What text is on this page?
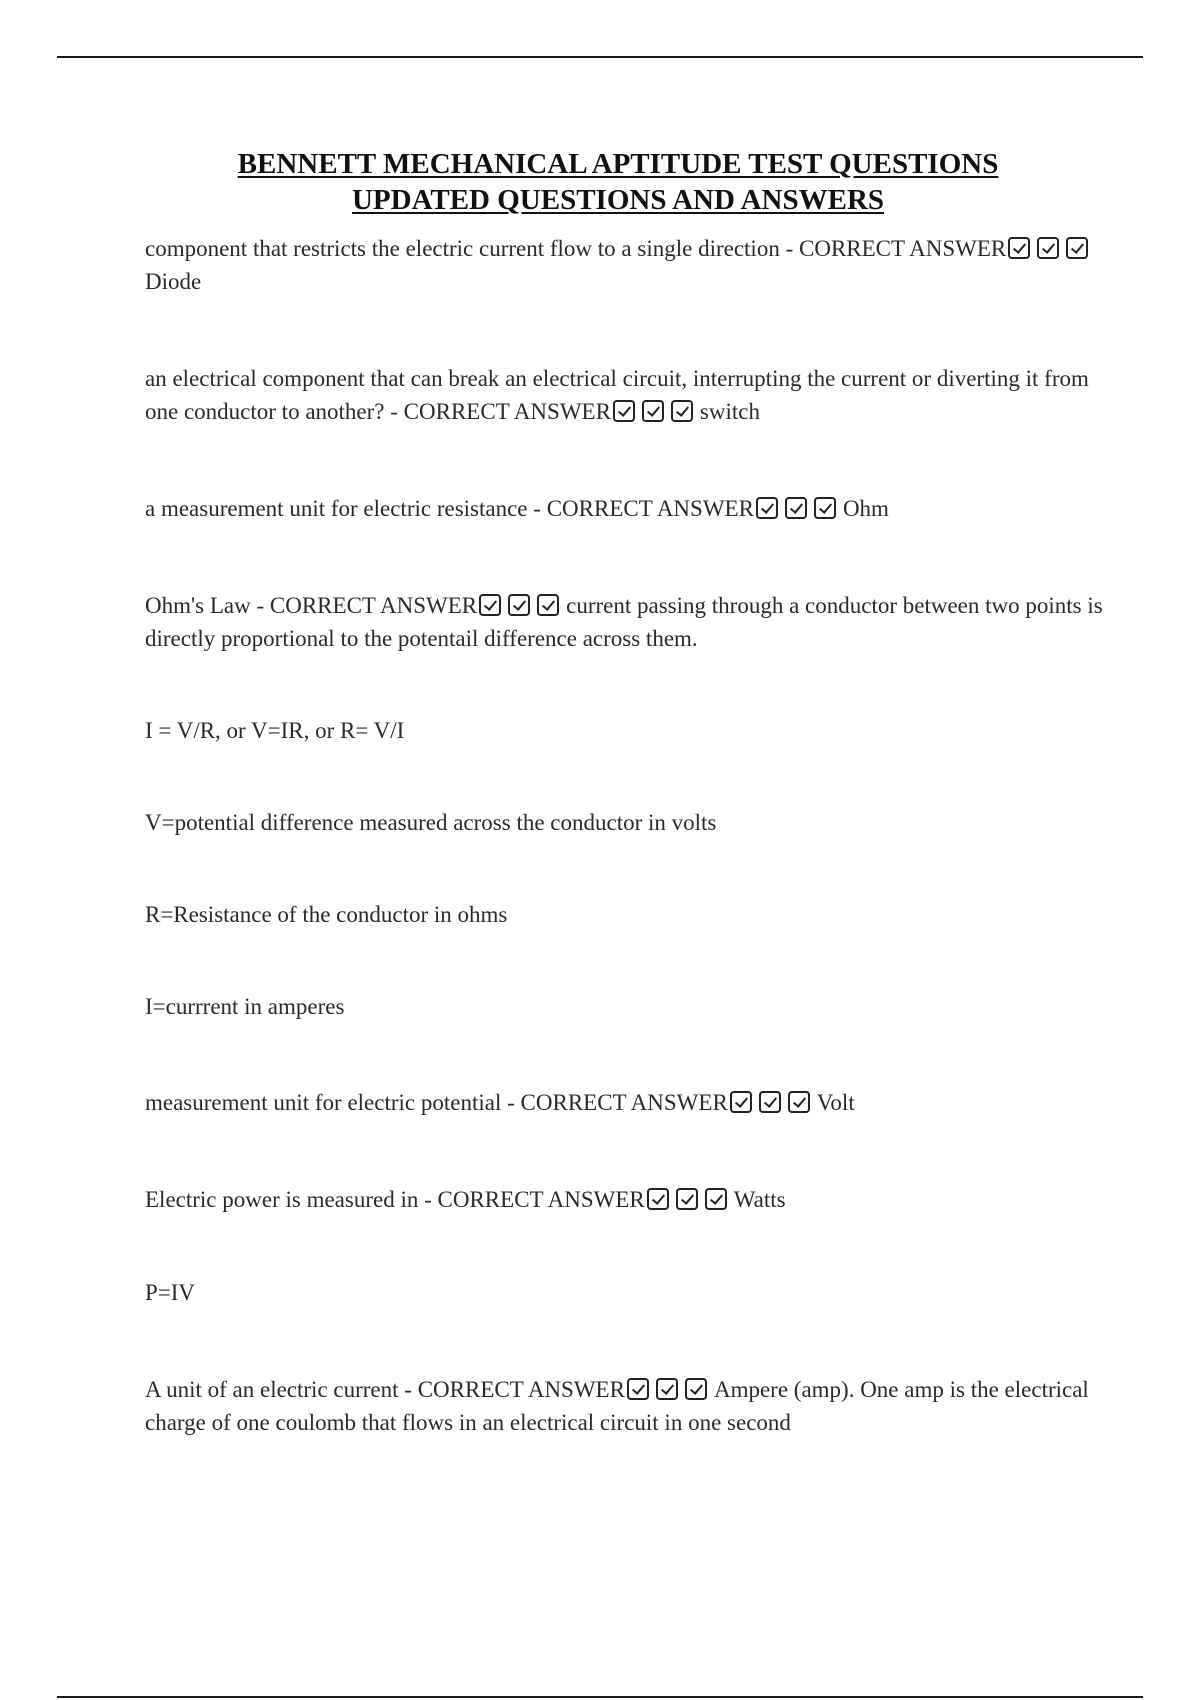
BENNETT MECHANICAL APTITUDE TEST QUESTIONS
UPDATED QUESTIONS AND ANSWERS
component that restricts the electric current flow to a single direction - CORRECT ANSWERDiode
an electrical component that can break an electrical circuit, interrupting the current or diverting it from one conductor to another? - CORRECT ANSWER	switch
a measurement unit for electric resistance - CORRECT ANSWER	Ohm
Ohm's Law - CORRECT ANSWER	current passing through a conductor between two points is directly proportional to the potentail difference across them.
I = V/R, or V=IR, or R= V/I
V=potential difference measured across the conductor in volts
R=Resistance of the conductor in ohms
I=currrent in amperes
measurement unit for electric potential - CORRECT ANSWER	Volt
Electric power is measured in - CORRECT ANSWER	Watts
P=IV
A unit of an electric current - CORRECT ANSWER	Ampere (amp). One amp is the electrical charge of one coulomb that flows in an electrical circuit in one second
